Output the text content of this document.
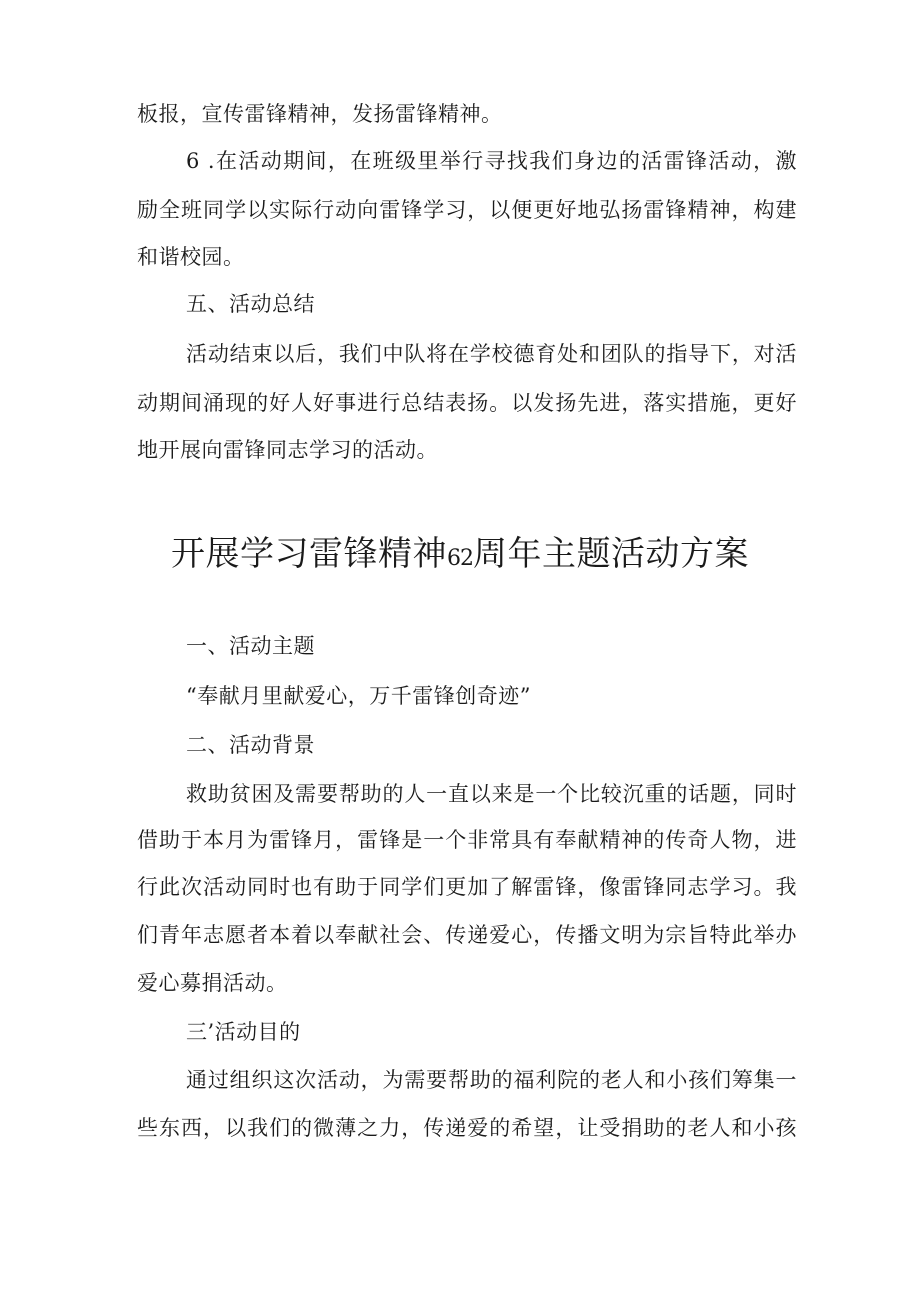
板报，宣传雷锋精神，发扬雷锋精神。
6 .在活动期间，在班级里举行寻找我们身边的活雷锋活动，激
励全班同学以实际行动向雷锋学习，以便更好地弘扬雷锋精神，构建
和谐校园。
五、活动总结
活动结束以后，我们中队将在学校德育处和团队的指导下，对活
动期间涌现的好人好事进行总结表扬。以发扬先进，落实措施，更好
地开展向雷锋同志学习的活动。
开展学习雷锋精神62周年主题活动方案
一、活动主题
“奉献月里献爱心，万千雷锋创奇迹”
二、活动背景
救助贫困及需要帮助的人一直以来是一个比较沉重的话题，同时
借助于本月为雷锋月，雷锋是一个非常具有奉献精神的传奇人物，进
行此次活动同时也有助于同学们更加了解雷锋，像雷锋同志学习。我
们青年志愿者本着以奉献社会、传递爱心，传播文明为宗旨特此举办
爱心募捐活动。
三’活动目的
通过组织这次活动，为需要帮助的福利院的老人和小孩们筹集一
些东西，以我们的微薄之力，传递爱的希望，让受捐助的老人和小孩
